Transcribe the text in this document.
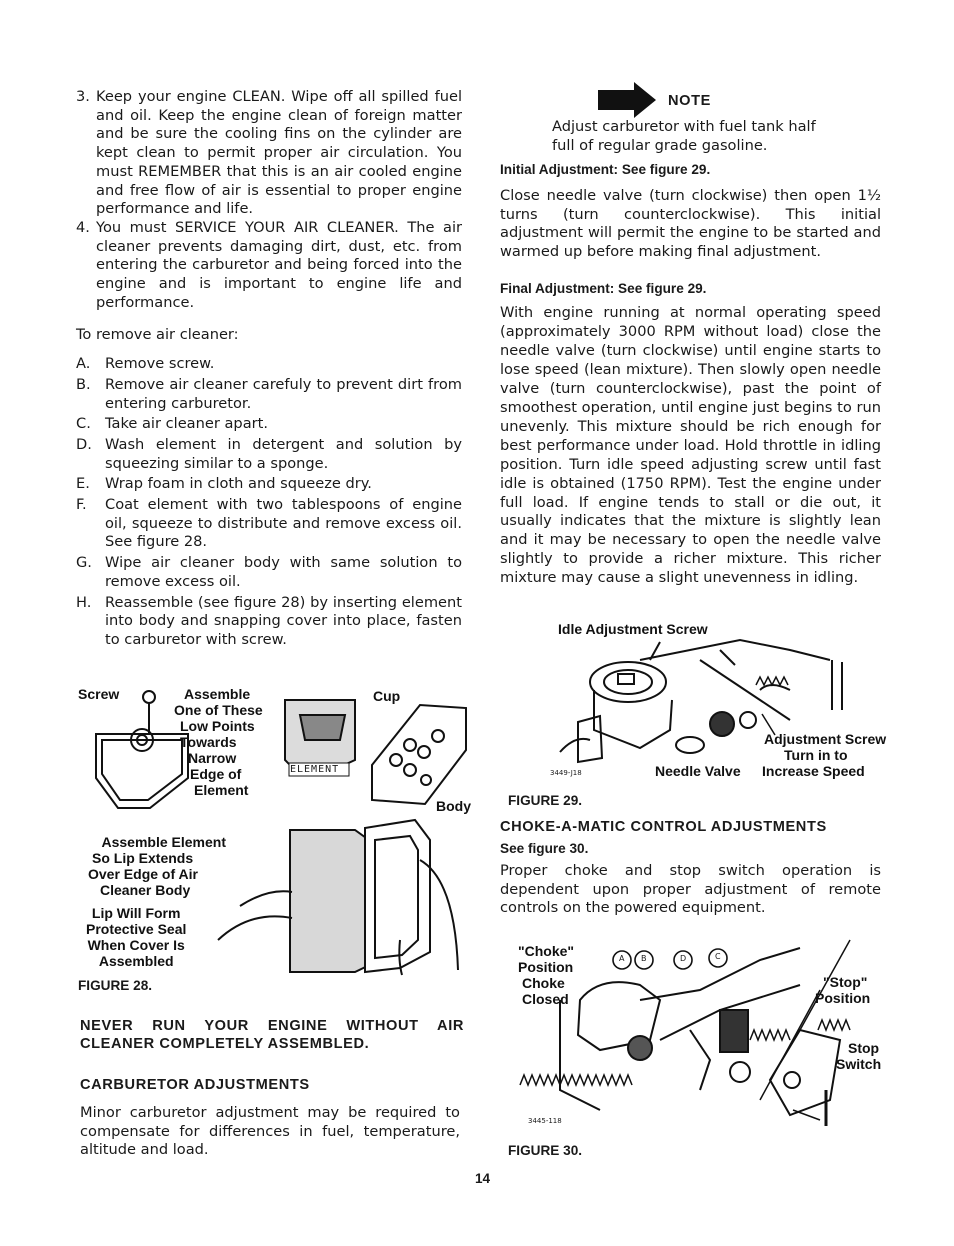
3. Keep your engine CLEAN. Wipe off all spilled fuel and oil. Keep the engine clean of foreign matter and be sure the cooling fins on the cylinder are kept clean to permit proper air circulation. You must REMEMBER that this is an air cooled engine and free flow of air is essential to proper engine performance and life.
4. You must SERVICE YOUR AIR CLEANER. The air cleaner prevents damaging dirt, dust, etc. from entering the carburetor and being forced into the engine and is important to engine life and performance.
To remove air cleaner:
A.	Remove screw.
B. Remove air cleaner carefuly to prevent dirt from entering carburetor.
C. Take air cleaner apart.
D. Wash element in detergent and solution by squeezing similar to a sponge.
E.	Wrap foam in cloth and squeeze dry.
F.	Coat element with two tablespoons of engine oil, squeeze to distribute and remove excess oil. See figure 28.
G. Wipe air cleaner body with same solution to remove excess oil.
H. Reassemble (see figure 28) by inserting element into body and snapping cover into place, fasten to carburetor with screw.
Screw	Assemble
One of These
Low Points
Towards
Narrow
Edge of
Element
Cup
ELEMENT
Body
Assemble Element
So Lip Extends
Over Edge of Air
Cleaner Body
Lip Will Form
Protective Seal
When Cover Is
Assembled
FIGURE 28.
NEVER RUN YOUR ENGINE WITHOUT AIR
CLEANER COMPLETELY ASSEMBLED.
CARBURETOR ADJUSTMENTS
Minor carburetor adjustment may be required to compensate for differences in fuel, temperature, altitude and load.
NOTE
Adjust carburetor with fuel tank half
full of regular grade gasoline.
Initial Adjustment: See figure 29.
Close needle valve (turn clockwise) then open 1½ turns (turn counterclockwise). This initial adjustment will permit the engine to be started and warmed up before making final adjustment.
Final Adjustment: See figure 29.
With engine running at normal operating speed (approximately 3000 RPM without load) close the needle valve (turn clockwise) until engine starts to lose speed (lean mixture). Then slowly open needle valve (turn counterclockwise), past the point of smoothest operation, until engine just begins to run unevenly. This mixture should be rich enough for best performance under load. Hold throttle in idling position. Turn idle speed adjusting screw until fast idle is obtained (1750 RPM). Test the engine under full load. If engine tends to stall or die out, it usually indicates that the mixture is slightly lean and it may be necessary to open the needle valve slightly to provide a richer mixture. This richer mixture may cause a slight unevenness in idling.
Idle Adjustment Screw
Adjustment Screw
Turn in to
Increase Speed
Needle Valve
3449-J18
FIGURE 29.
CHOKE-A-MATIC CONTROL ADJUSTMENTS
See figure 30.
Proper choke and stop switch operation is dependent upon proper adjustment of remote controls on the powered equipment.
A B	D	C
"Choke"
Position
Choke
Closed
"Stop"
Position
Stop
Switch
3445-118
FIGURE 30.
14
